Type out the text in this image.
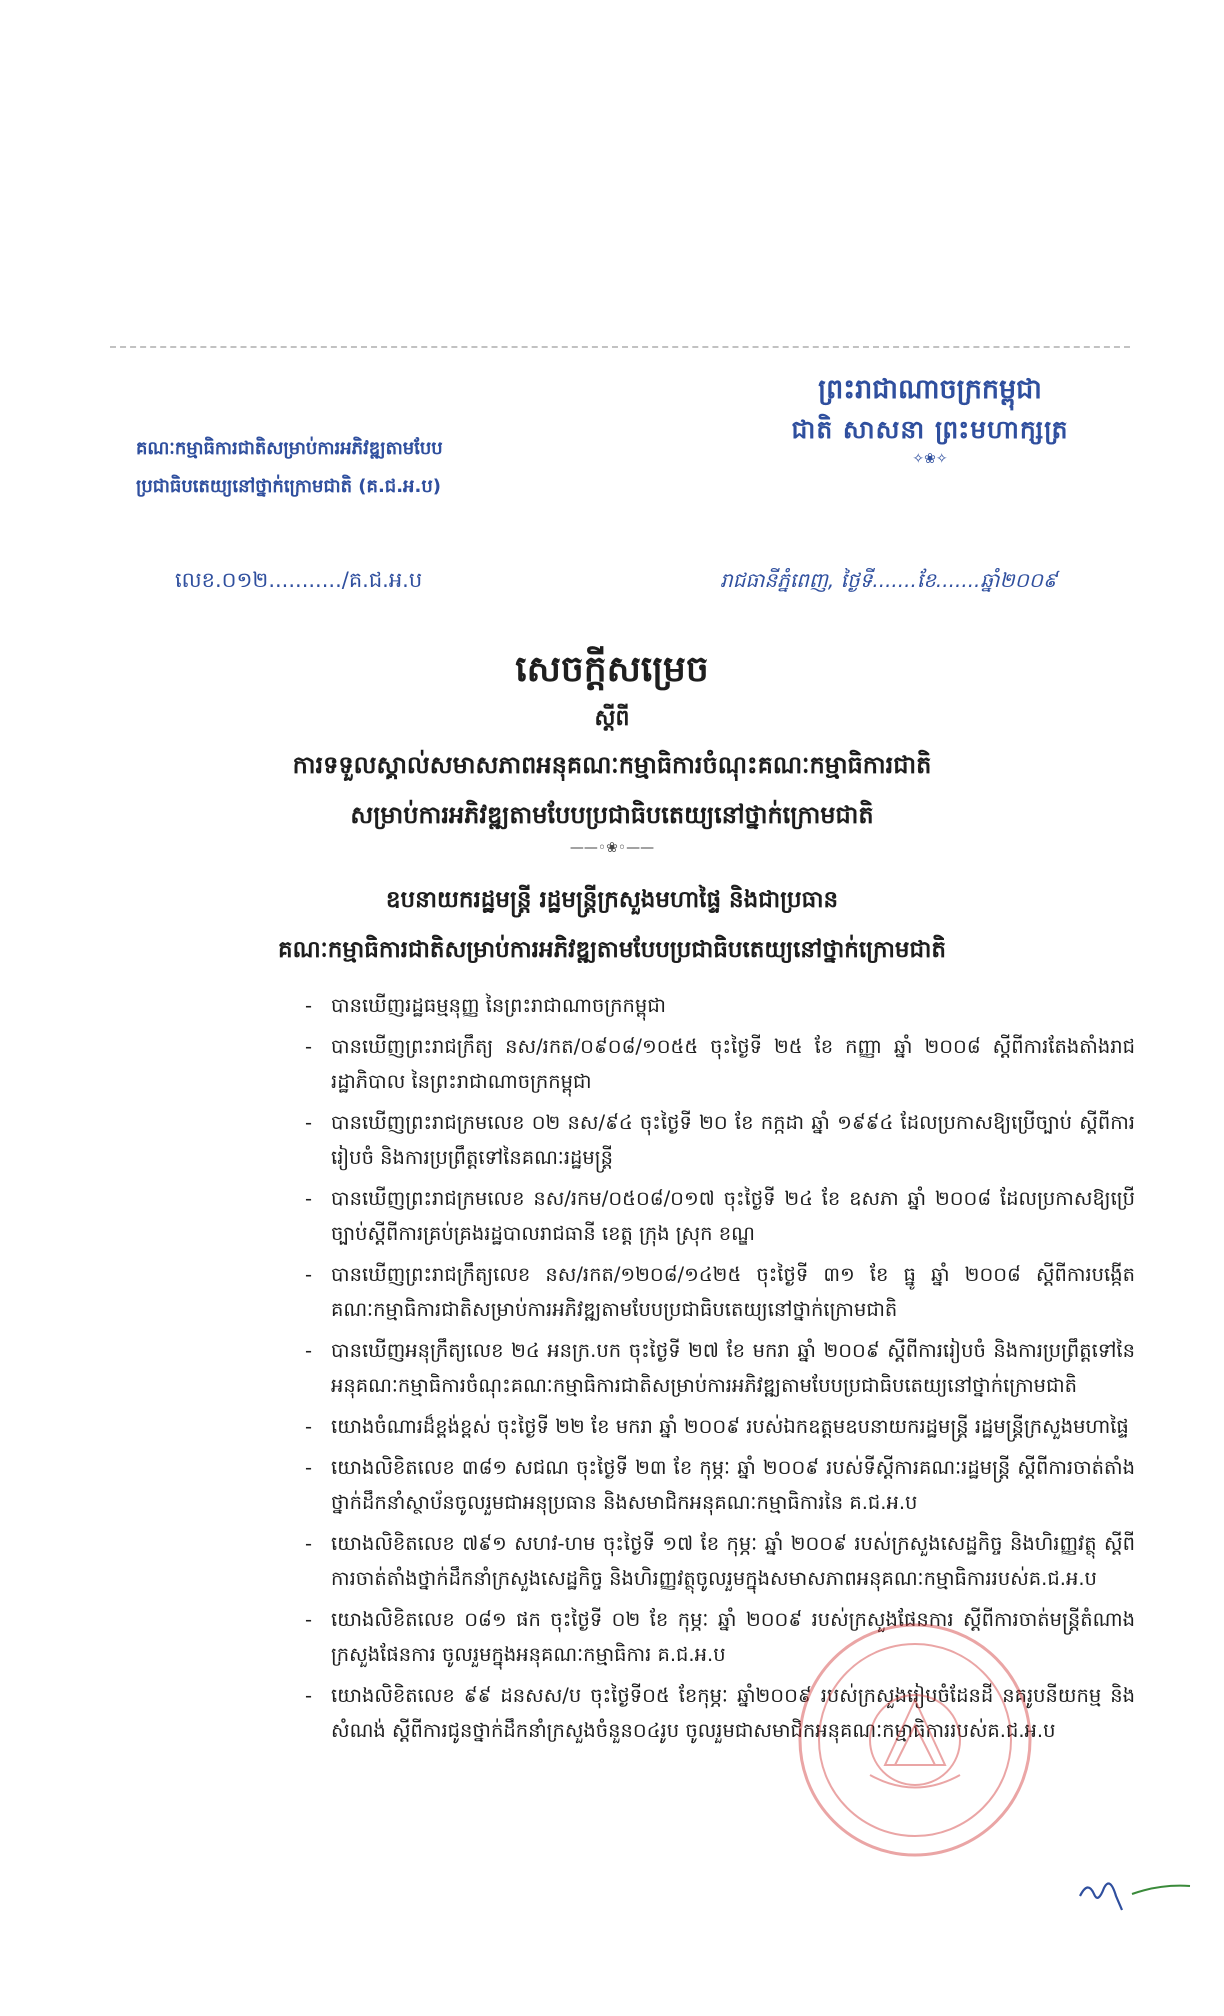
ព្រះរាជាណាចក្រកម្ពុជា
ជាតិ សាសនា ព្រះមហាក្សត្រ
✧❀✧
គណៈកម្មាធិការជាតិសម្រាប់ការអភិវឌ្ឍតាមបែប
ប្រជាធិបតេយ្យនៅថ្នាក់ក្រោមជាតិ (គ.ជ.អ.ប)
លេខ.០១២.........../គ.ជ.អ.ប	រាជធានីភ្នំពេញ, ថ្ងៃទី.......ខែ.......ឆ្នាំ២០០៩
សេចក្តីសម្រេច
ស្តីពី
ការទទួលស្គាល់សមាសភាពអនុគណៈកម្មាធិការចំណុះគណៈកម្មាធិការជាតិ
សម្រាប់ការអភិវឌ្ឍតាមបែបប្រជាធិបតេយ្យនៅថ្នាក់ក្រោមជាតិ
——◦❀◦——
ឧបនាយករដ្ឋមន្ត្រី រដ្ឋមន្ត្រីក្រសួងមហាផ្ទៃ និងជាប្រធាន
គណៈកម្មាធិការជាតិសម្រាប់ការអភិវឌ្ឍតាមបែបប្រជាធិបតេយ្យនៅថ្នាក់ក្រោមជាតិ
- បានឃើញរដ្ឋធម្មនុញ្ញ នៃព្រះរាជាណាចក្រកម្ពុជា
- បានឃើញព្រះរាជក្រឹត្យ នស/រកត/០៩០៨/១០៥៥ ចុះថ្ងៃទី ២៥ ខែ កញ្ញា ឆ្នាំ ២០០៨ ស្តីពីការតែងតាំងរាជរដ្ឋាភិបាល នៃព្រះរាជាណាចក្រកម្ពុជា
- បានឃើញព្រះរាជក្រមលេខ ០២ នស/៩៤ ចុះថ្ងៃទី ២០ ខែ កក្កដា ឆ្នាំ ១៩៩៤ ដែលប្រកាសឱ្យប្រើច្បាប់ ស្តីពីការរៀបចំ និងការប្រព្រឹត្តទៅនៃគណៈរដ្ឋមន្ត្រី
- បានឃើញព្រះរាជក្រមលេខ នស/រកម/០៥០៨/០១៧ ចុះថ្ងៃទី ២៤ ខែ ឧសភា ឆ្នាំ ២០០៨ ដែលប្រកាសឱ្យប្រើ ច្បាប់ស្តីពីការគ្រប់គ្រងរដ្ឋបាលរាជធានី ខេត្ត ក្រុង ស្រុក ខណ្ឌ
- បានឃើញព្រះរាជក្រឹត្យលេខ នស/រកត/១២០៨/១៤២៥ ចុះថ្ងៃទី ៣១ ខែ ធ្នូ ឆ្នាំ ២០០៨ ស្តីពីការបង្កើត គណៈកម្មាធិការជាតិសម្រាប់ការអភិវឌ្ឍតាមបែបប្រជាធិបតេយ្យនៅថ្នាក់ក្រោមជាតិ
- បានឃើញអនុក្រឹត្យលេខ ២៤ អនក្រ.បក ចុះថ្ងៃទី ២៧ ខែ មករា ឆ្នាំ ២០០៩ ស្តីពីការរៀបចំ និងការប្រព្រឹត្តទៅនៃអនុគណៈកម្មាធិការចំណុះគណៈកម្មាធិការជាតិសម្រាប់ការអភិវឌ្ឍតាមបែបប្រជាធិបតេយ្យនៅថ្នាក់ក្រោមជាតិ
- យោងចំណារដ៏ខ្ពង់ខ្ពស់ ចុះថ្ងៃទី ២២ ខែ មករា ឆ្នាំ ២០០៩ របស់ឯកឧត្តមឧបនាយករដ្ឋមន្ត្រី រដ្ឋមន្ត្រីក្រសួងមហាផ្ទៃ
- យោងលិខិតលេខ ៣៨១ សជណ ចុះថ្ងៃទី ២៣ ខែ កុម្ភៈ ឆ្នាំ ២០០៩ របស់ទីស្តីការគណៈរដ្ឋមន្ត្រី ស្តីពីការចាត់តាំង ថ្នាក់ដឹកនាំស្ថាប័នចូលរួមជាអនុប្រធាន និងសមាជិកអនុគណៈកម្មាធិការនៃ គ.ជ.អ.ប
- យោងលិខិតលេខ ៧៩១ សហវ-ហម ចុះថ្ងៃទី ១៧ ខែ កុម្ភៈ ឆ្នាំ ២០០៩ របស់ក្រសួងសេដ្ឋកិច្ច និងហិរញ្ញវត្ថុ ស្តីពីការចាត់តាំងថ្នាក់ដឹកនាំក្រសួងសេដ្ឋកិច្ច និងហិរញ្ញវត្ថុចូលរួមក្នុងសមាសភាពអនុគណៈកម្មាធិការរបស់គ.ជ.អ.ប
- យោងលិខិតលេខ ០៨១ ផក ចុះថ្ងៃទី ០២ ខែ កុម្ភៈ ឆ្នាំ ២០០៩ របស់ក្រសួងផែនការ ស្តីពីការចាត់មន្ត្រីតំណាងក្រសួងផែនការ ចូលរួមក្នុងអនុគណៈកម្មាធិការ គ.ជ.អ.ប
- យោងលិខិតលេខ ៩៩ ដនសស/ប ចុះថ្ងៃទី០៥ ខែកុម្ភៈ ឆ្នាំ២០០៩ របស់ក្រសួងរៀបចំដែនដី នគរូបនីយកម្ម និងសំណង់ ស្តីពីការជូនថ្នាក់ដឹកនាំក្រសួងចំនួន០៤រូប ចូលរួមជាសមាជិកអនុគណៈកម្មាធិការរបស់គ.ជ.អ.ប
